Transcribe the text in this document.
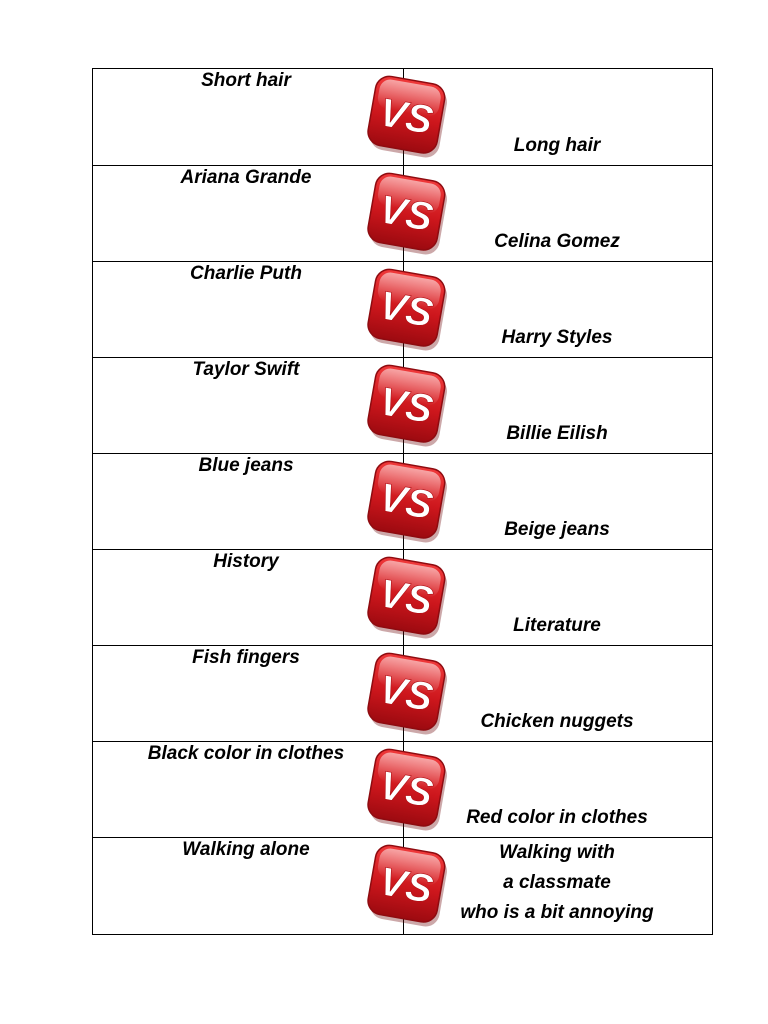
Short hair
Long hair
VS
Ariana Grande
Celina Gomez
VS
Charlie Puth
Harry Styles
VS
Taylor Swift
Billie Eilish
VS
Blue jeans
Beige jeans
VS
History
Literature
VS
Fish fingers
Chicken nuggets
VS
Black color in clothes
Red color in clothes
VS
Walking alone	Walking with
a classmate
who is a bit annoying
VS
